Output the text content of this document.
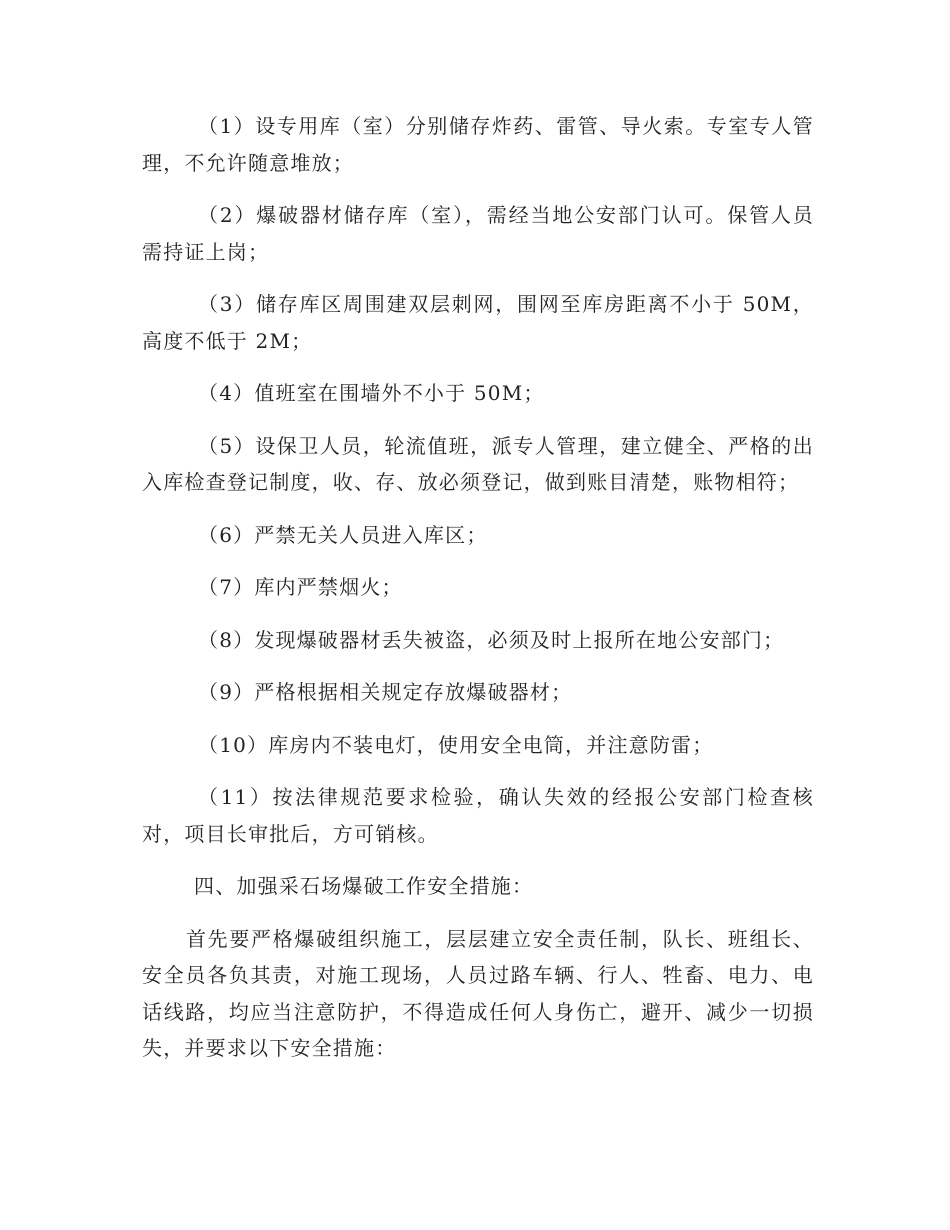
（1）设专用库（室）分别储存炸药、雷管、导火索。专室专人管理，不允许随意堆放；

（2）爆破器材储存库（室），需经当地公安部门认可。保管人员需持证上岗；

（3）储存库区周围建双层刺网，围网至库房距离不小于 50M，高度不低于 2M；

（4）值班室在围墙外不小于 50M；

（5）设保卫人员，轮流值班，派专人管理，建立健全、严格的出入库检查登记制度，收、存、放必须登记，做到账目清楚，账物相符；

（6）严禁无关人员进入库区；

（7）库内严禁烟火；

（8）发现爆破器材丢失被盗，必须及时上报所在地公安部门；

（9）严格根据相关规定存放爆破器材；

（10）库房内不装电灯，使用安全电筒，并注意防雷；

（11）按法律规范要求检验，确认失效的经报公安部门检查核对，项目长审批后，方可销核。

四、加强采石场爆破工作安全措施：

首先要严格爆破组织施工，层层建立安全责任制，队长、班组长、安全员各负其责，对施工现场，人员过路车辆、行人、牲畜、电力、电话线路，均应当注意防护，不得造成任何人身伤亡，避开、减少一切损失，并要求以下安全措施：
